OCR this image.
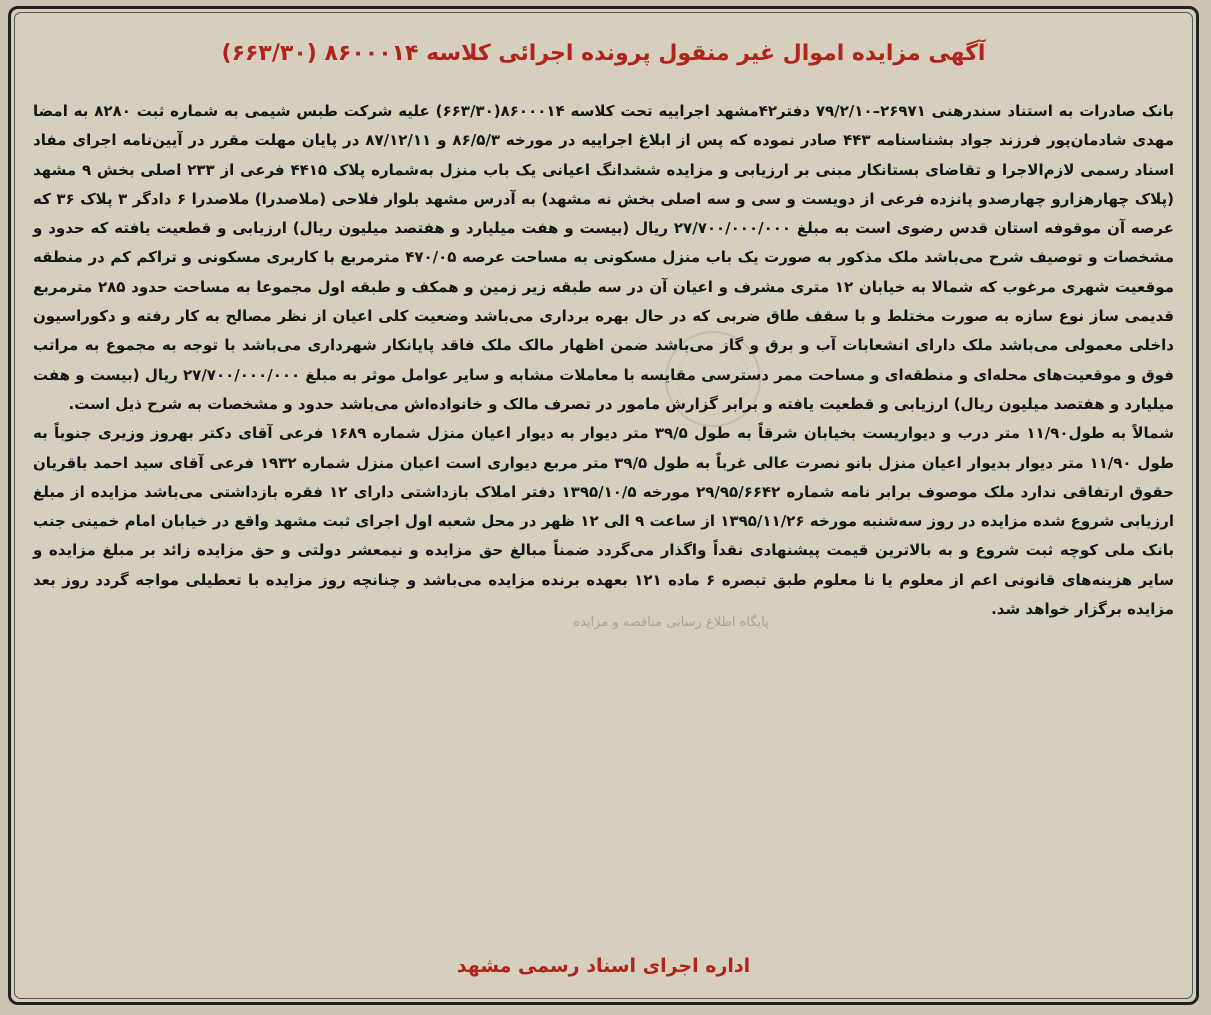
پایگاه اطلاع رسانی مناقصه و مزایده
آگهی مزایده اموال غیر منقول پرونده اجرائی کلاسه ۸۶۰۰۰۱۴ (۶۶۳/۳۰)

بانک صادرات به استناد سندرهنی ۲۶۹۷۱–۷۹/۲/۱۰ دفتر۴۲مشهد اجراییه تحت کلاسه ۸۶۰۰۰۱۴(۶۶۳/۳۰) علیه شرکت طبس شیمی به شماره ثبت ۸۲۸۰ به امضا مهدی شادمان‌پور فرزند جواد بشناسنامه ۴۴۳ صادر نموده که پس از ابلاغ اجراییه در مورخه ۸۶/۵/۳ و ۸۷/۱۲/۱۱ در پایان مهلت مقرر در آیین‌نامه اجرای مفاد اسناد رسمی لازم‌الاجرا و تقاضای بستانکار مبنی بر ارزیابی و مزایده ششدانگ اعیانی یک باب منزل به‌شماره پلاک ۴۴۱۵ فرعی از ۲۳۳ اصلی بخش ۹ مشهد (پلاک چهارهزارو چهارصدو پانزده فرعی از دویست و سی و سه اصلی بخش نه مشهد) به آدرس مشهد بلوار فلاحی (ملاصدرا) ملاصدرا ۶ دادگر ۳ پلاک ۳۶ که عرصه آن موقوفه استان قدس رضوی است به مبلغ ۲۷/۷۰۰/۰۰۰/۰۰۰ ریال (بیست و هفت میلیارد و هفتصد میلیون ریال) ارزیابی و قطعیت یافته که حدود و مشخصات و توصیف شرح می‌باشد ملک مذکور به صورت یک باب منزل مسکونی به مساحت عرصه ۴۷۰/۰۵ مترمربع با کاربری مسکونی و تراکم کم در منطقه موقعیت شهری مرغوب که شمالا به خیابان ۱۲ متری مشرف و اعیان آن در سه طبقه زیر زمین و همکف و طبقه اول مجموعا به مساحت حدود ۲۸۵ مترمربع قدیمی ساز نوع سازه به صورت مختلط و با سقف طاق ضربی که در حال بهره برداری می‌باشد وضعیت کلی اعیان از نظر مصالح به کار رفته و دکوراسیون داخلی معمولی می‌باشد ملک دارای انشعابات آب و برق و گاز می‌باشد ضمن اظهار مالک ملک فاقد پایانکار شهرداری می‌باشد با توجه به مجموع به مراتب فوق و موقعیت‌های محله‌ای و منطقه‌ای و مساحت ممر دسترسی مقایسه با معاملات مشابه و سایر عوامل موثر به مبلغ ۲۷/۷۰۰/۰۰۰/۰۰۰ ریال (بیست و هفت میلیارد و هفتصد میلیون ریال) ارزیابی و قطعیت یافته و برابر گزارش مامور در تصرف مالک و خانواده‌اش می‌باشد حدود و مشخصات به شرح ذیل است.

شمالاً به طول۱۱/۹۰ متر درب و دیواریست بخیابان شرقاً به طول ۳۹/۵ متر دیوار به دیوار اعیان منزل شماره ۱۶۸۹ فرعی آقای دکتر بهروز وزیری جنوباً به طول ۱۱/۹۰ متر دیوار بدیوار اعیان منزل بانو نصرت عالی غرباً به طول ۳۹/۵ متر مربع دیواری است اعیان منزل شماره ۱۹۳۲ فرعی آقای سید احمد باقریان حقوق ارتفاقی ندارد ملک موصوف برابر نامه شماره ۲۹/۹۵/۶۶۴۲ مورخه ۱۳۹۵/۱۰/۵ دفتر املاک بازداشتی دارای ۱۲ فقره بازداشتی می‌باشد مزایده از مبلغ ارزیابی شروع شده مزایده در روز سه‌شنبه مورخه ۱۳۹۵/۱۱/۲۶ از ساعت ۹ الی ۱۲ ظهر در محل شعبه اول اجرای ثبت مشهد واقع در خیابان امام خمینی جنب بانک ملی کوچه ثبت شروع و به بالاترین قیمت پیشنهادی نقداً واگذار می‌گردد ضمناً مبالغ حق مزایده و نیمعشر دولتی و حق مزایده زائد بر مبلغ مزایده و سایر هزینه‌های قانونی اعم از معلوم یا نا معلوم طبق تبصره ۶ ماده ۱۲۱ بعهده برنده مزایده می‌باشد و چنانچه روز مزایده با تعطیلی مواجه گردد روز بعد مزایده برگزار خواهد شد.

اداره اجرای اسناد رسمی مشهد
